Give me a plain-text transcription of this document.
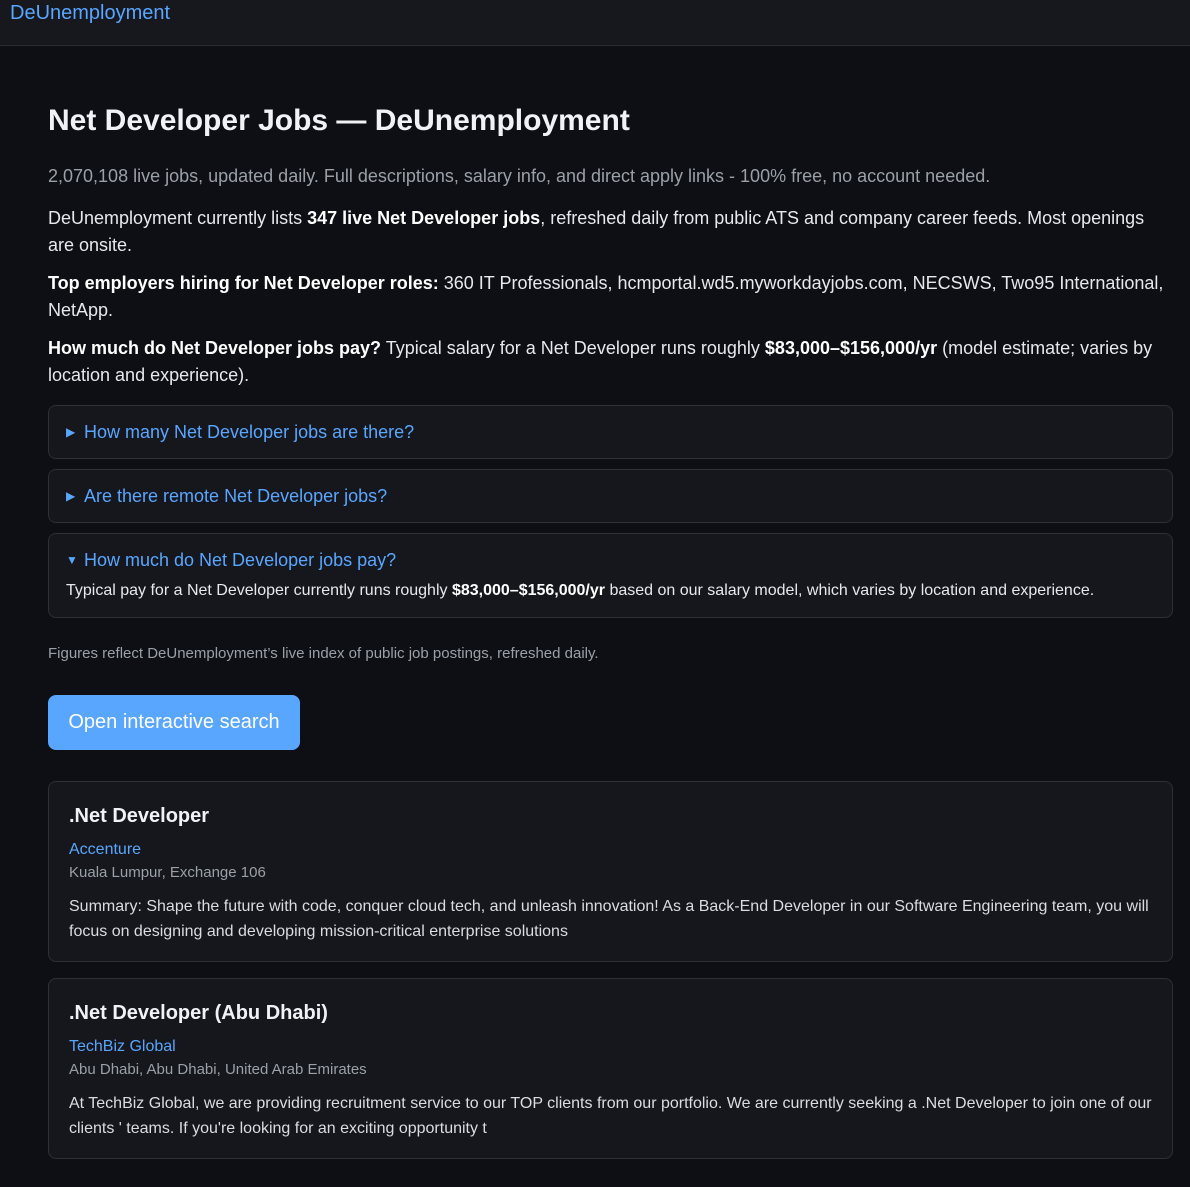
DeUnemployment
Net Developer Jobs — DeUnemployment
2,070,108 live jobs, updated daily. Full descriptions, salary info, and direct apply links - 100% free, no account needed.

DeUnemployment currently lists 347 live Net Developer jobs, refreshed daily from public ATS and company career feeds. Most openings are onsite.

Top employers hiring for Net Developer roles: 360 IT Professionals, hcmportal.wd5.myworkdayjobs.com, NECSWS, Two95 International, NetApp.

How much do Net Developer jobs pay? Typical salary for a Net Developer runs roughly $83,000–$156,000/yr (model estimate; varies by location and experience).

▶ How many Net Developer jobs are there?
▶ Are there remote Net Developer jobs?
▼ How much do Net Developer jobs pay?
Typical pay for a Net Developer currently runs roughly $83,000–$156,000/yr based on our salary model, which varies by location and experience.
Figures reflect DeUnemployment’s live index of public job postings, refreshed daily.
Open interactive search
.Net Developer
Accenture
Kuala Lumpur, Exchange 106
Summary: Shape the future with code, conquer cloud tech, and unleash innovation! As a Back-End Developer in our Software Engineering team, you will focus on designing and developing mission-critical enterprise solutions
.Net Developer (Abu Dhabi)
TechBiz Global
Abu Dhabi, Abu Dhabi, United Arab Emirates
At TechBiz Global, we are providing recruitment service to our TOP clients from our portfolio. We are currently seeking a .Net Developer to join one of our clients ' teams. If you're looking for an exciting opportunity t
